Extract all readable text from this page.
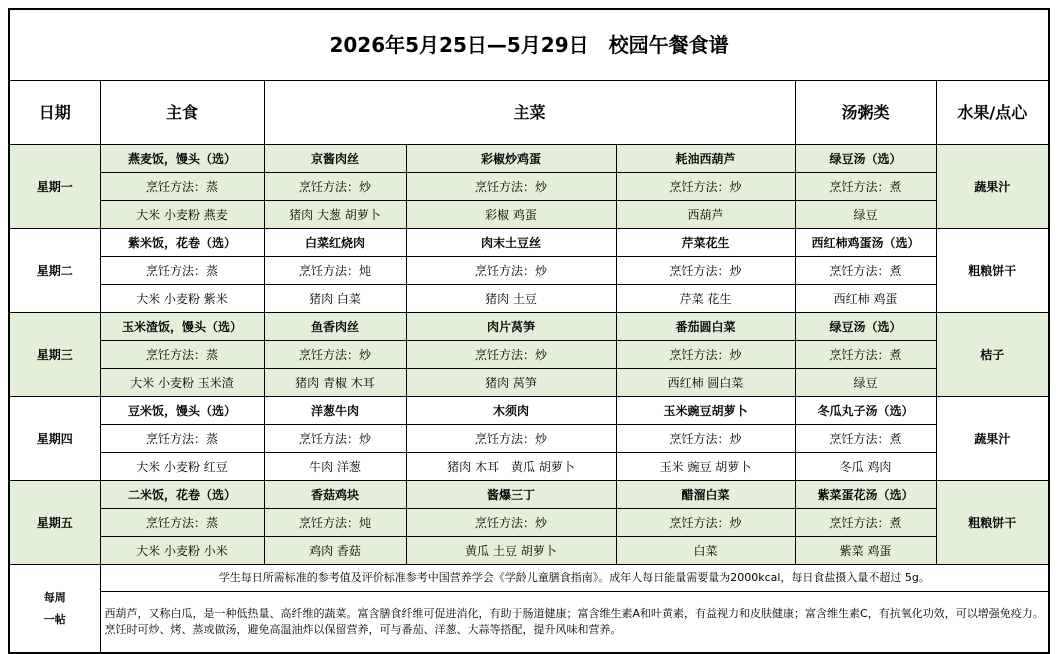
2026年5月25日—5月29日　校园午餐食谱						
日期	主食	主菜			汤粥类	水果/点心
星期一	燕麦饭，馒头（选）	京酱肉丝	彩椒炒鸡蛋	耗油西葫芦	绿豆汤（选）	蔬果汁
	烹饪方法：蒸	烹饪方法：炒	烹饪方法：炒	烹饪方法：炒	烹饪方法：煮	
	大米 小麦粉 燕麦	猪肉 大葱 胡萝卜	彩椒 鸡蛋	西葫芦	绿豆	
星期二	紫米饭，花卷（选）	白菜红烧肉	肉末土豆丝	芹菜花生	西红柿鸡蛋汤（选）	粗粮饼干
	烹饪方法：蒸	烹饪方法：炖	烹饪方法：炒	烹饪方法：炒	烹饪方法：煮	
	大米 小麦粉 紫米	猪肉 白菜	猪肉 土豆	芹菜 花生	西红柿 鸡蛋	
星期三	玉米渣饭，馒头（选）	鱼香肉丝	肉片莴笋	番茄圆白菜	绿豆汤（选）	桔子
	烹饪方法：蒸	烹饪方法：炒	烹饪方法：炒	烹饪方法：炒	烹饪方法：煮	
	大米 小麦粉 玉米渣	猪肉 青椒 木耳	猪肉 莴笋	西红柿 圆白菜	绿豆	
星期四	豆米饭，馒头（选）	洋葱牛肉	木须肉	玉米豌豆胡萝卜	冬瓜丸子汤（选）	蔬果汁
	烹饪方法：蒸	烹饪方法：炒	烹饪方法：炒	烹饪方法：炒	烹饪方法：煮	
	大米 小麦粉 红豆	牛肉 洋葱	猪肉 木耳　黄瓜 胡萝卜	玉米 豌豆 胡萝卜	冬瓜 鸡肉	
星期五	二米饭，花卷（选）	香菇鸡块	酱爆三丁	醋溜白菜	紫菜蛋花汤（选）	粗粮饼干
	烹饪方法：蒸	烹饪方法：炖	烹饪方法：炒	烹饪方法：炒	烹饪方法：煮	
	大米 小麦粉 小米	鸡肉 香菇	黄瓜 土豆 胡萝卜	白菜	紫菜 鸡蛋	
每周
一帖	学生每日所需标准的参考值及评价标准参考中国营养学会《学龄儿童膳食指南》。成年人每日能量需要量为2000kcal，每日食盐摄入量不超过 5g。					
	西葫芦，又称白瓜，是一种低热量、高纤维的蔬菜。富含膳食纤维可促进消化，有助于肠道健康；富含维生素A和叶黄素，有益视力和皮肤健康；富含维生素C，有抗氧化功效，可以增强免疫力。烹饪时可炒、烤、蒸或做汤，避免高温油炸以保留营养，可与番茄、洋葱、大蒜等搭配，提升风味和营养。					
